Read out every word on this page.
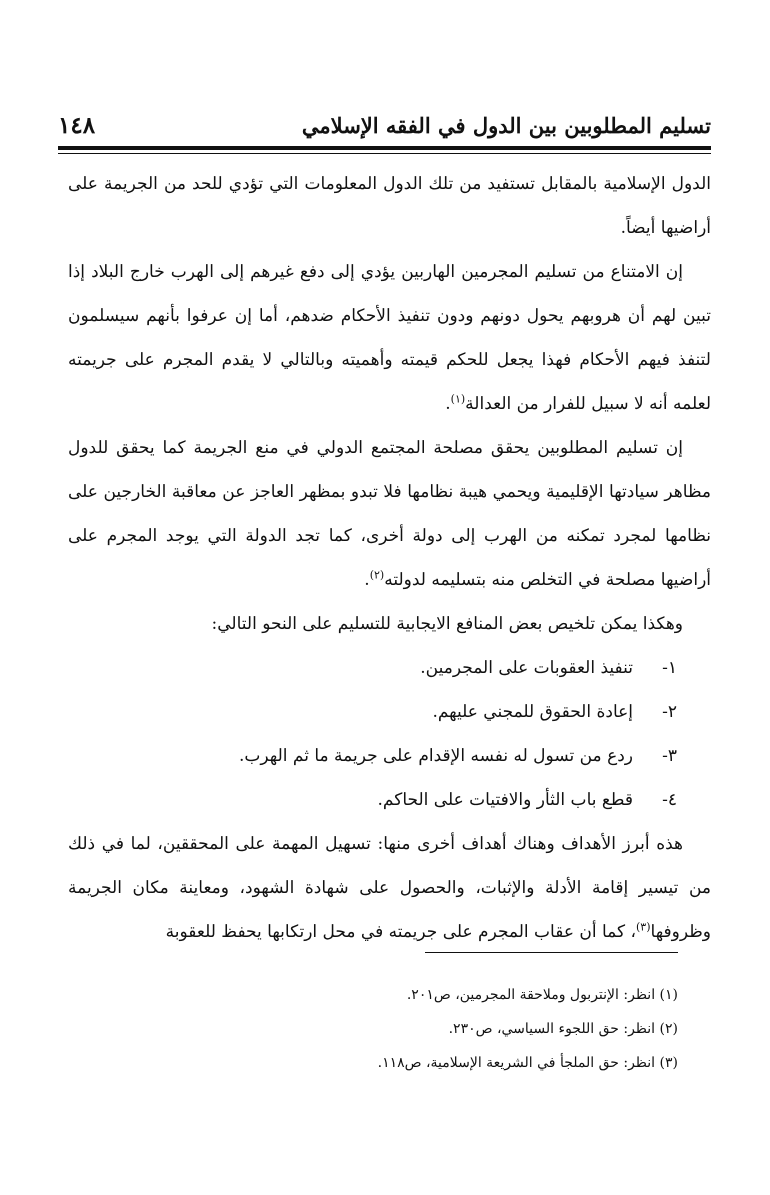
تسليم المطلوبين بين الدول في الفقه الإسلامي
١٤٨

الدول الإسلامية بالمقابل تستفيد من تلك الدول المعلومات التي تؤدي للحد من الجريمة على أراضيها أيضاً.

إن الامتناع من تسليم المجرمين الهاربين يؤدي إلى دفع غيرهم إلى الهرب خارج البلاد إذا تبين لهم أن هروبهم يحول دونهم ودون تنفيذ الأحكام ضدهم، أما إن عرفوا بأنهم سيسلمون لتنفذ فيهم الأحكام فهذا يجعل للحكم قيمته وأهميته وبالتالي لا يقدم المجرم على جريمته لعلمه أنه لا سبيل للفرار من العدالة$^{(١)}$.

إن تسليم المطلوبين يحقق مصلحة المجتمع الدولي في منع الجريمة كما يحقق للدول مظاهر سيادتها الإقليمية ويحمي هيبة نظامها فلا تبدو بمظهر العاجز عن معاقبة الخارجين على نظامها لمجرد تمكنه من الهرب إلى دولة أخرى، كما تجد الدولة التي يوجد المجرم على أراضيها مصلحة في التخلص منه بتسليمه لدولته$^{(٢)}$.

وهكذا يمكن تلخيص بعض المنافع الايجابية للتسليم على النحو التالي:

١-تنفيذ العقوبات على المجرمين.
٢-إعادة الحقوق للمجني عليهم.
٣-ردع من تسول له نفسه الإقدام على جريمة ما ثم الهرب.
٤-قطع باب الثأر والافتيات على الحاكم.

هذه أبرز الأهداف وهناك أهداف أخرى منها: تسهيل المهمة على المحققين، لما في ذلك من تيسير إقامة الأدلة والإثبات، والحصول على شهادة الشهود، ومعاينة مكان الجريمة وظروفها$^{(٣)}$، كما أن عقاب المجرم على جريمته في محل ارتكابها يحفظ للعقوبة

(١) انظر: الإنتربول وملاحقة المجرمين، ص٢٠١.

(٢) انظر: حق اللجوء السياسي، ص٢٣٠.

(٣) انظر: حق الملجأ في الشريعة الإسلامية، ص١١٨.
